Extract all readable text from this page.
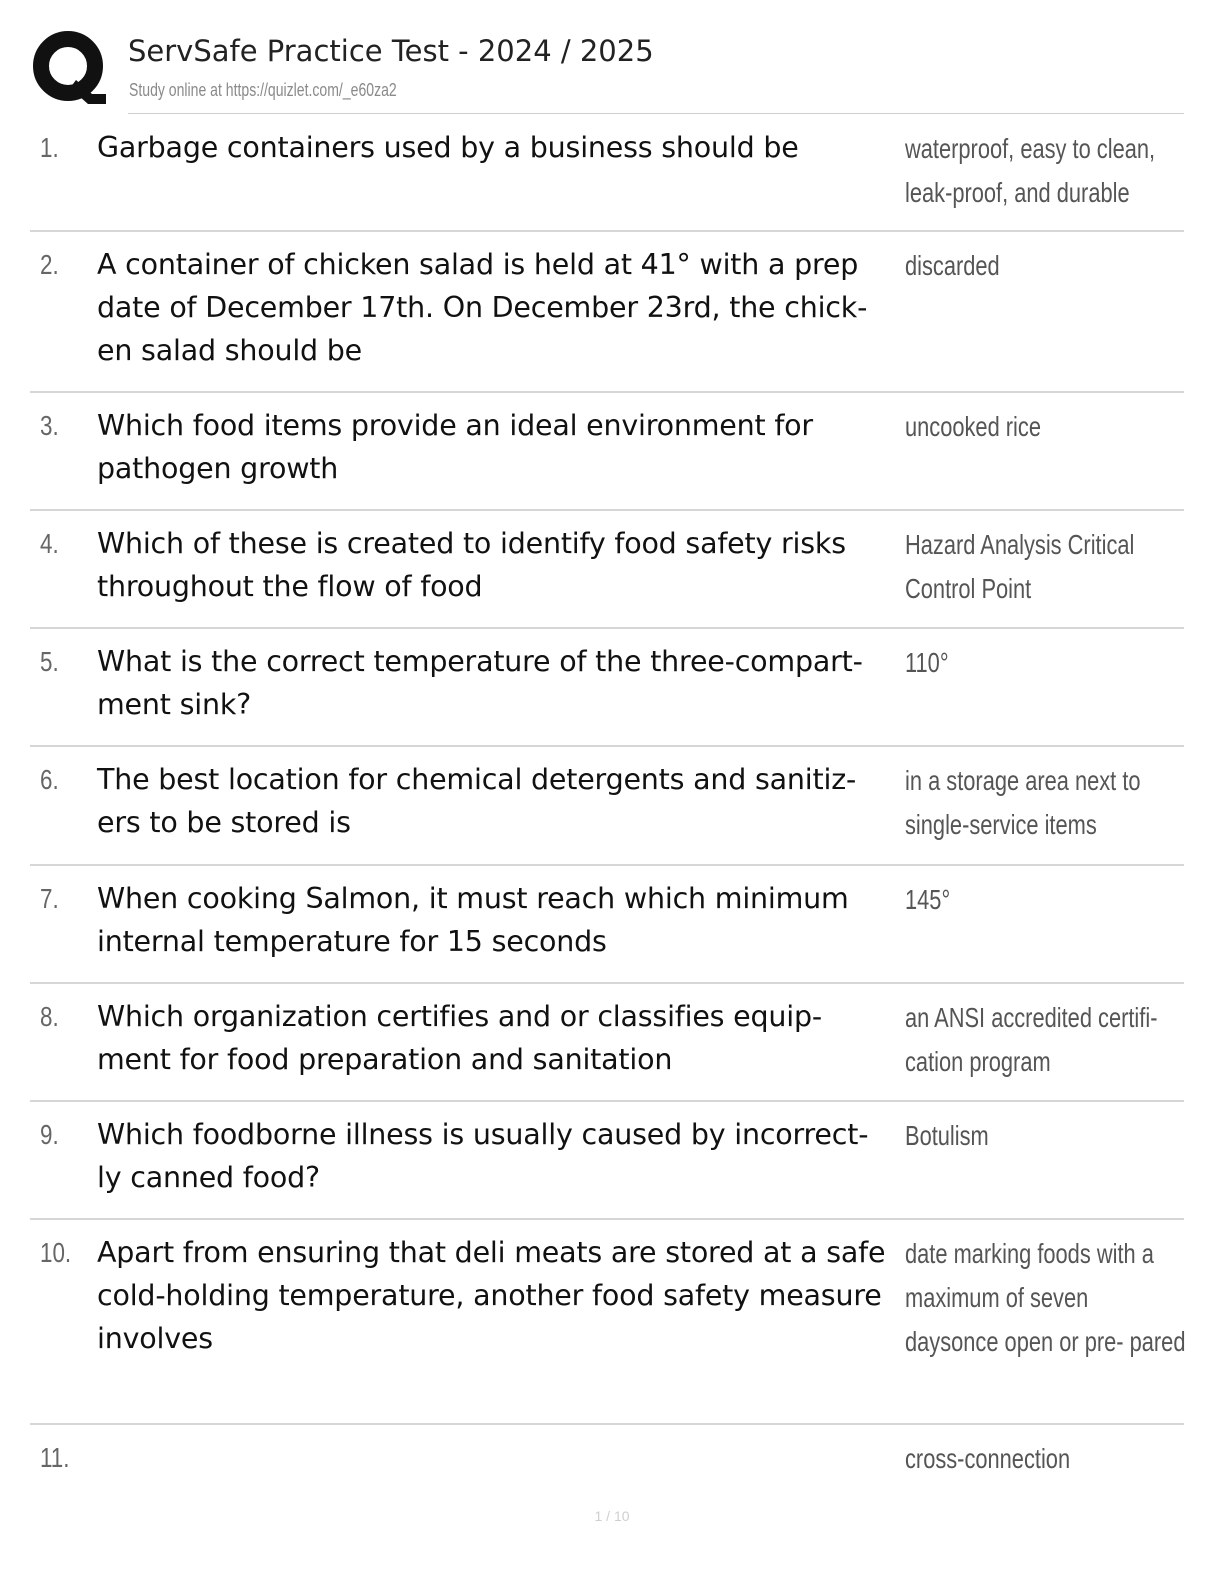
ServSafe Practice Test - 2024 / 2025
Study online at https://quizlet.com/_e60za2
1. Garbage containers used by a business should be	waterproof, easy to clean, leak-proof, and durable
2. A container of chicken salad is held at 41° with a prep date of December 17th. On December 23rd, the chick- en salad should be
discarded
3. Which food items provide an ideal environment for pathogen growth
uncooked rice
4. Which of these is created to identify food safety risks throughout the flow of food
Hazard Analysis Critical Control Point
5. What is the correct temperature of the three-compart- ment sink?
110°
6. The best location for chemical detergents and sanitiz- ers to be stored is
in a storage area next to single-service items
7. When cooking Salmon, it must reach which minimum internal temperature for 15 seconds
145°
8. Which organization certifies and or classifies equip- ment for food preparation and sanitation
an ANSI accredited certifi- cation program
9. Which foodborne illness is usually caused by incorrect- ly canned food?
Botulism
10. Apart from ensuring that deli meats are stored at a safe cold-holding temperature, another food safety measure involves
date marking foods with a maximum of seven daysonce open or pre- pared
11.	cross-connection
1 / 10
